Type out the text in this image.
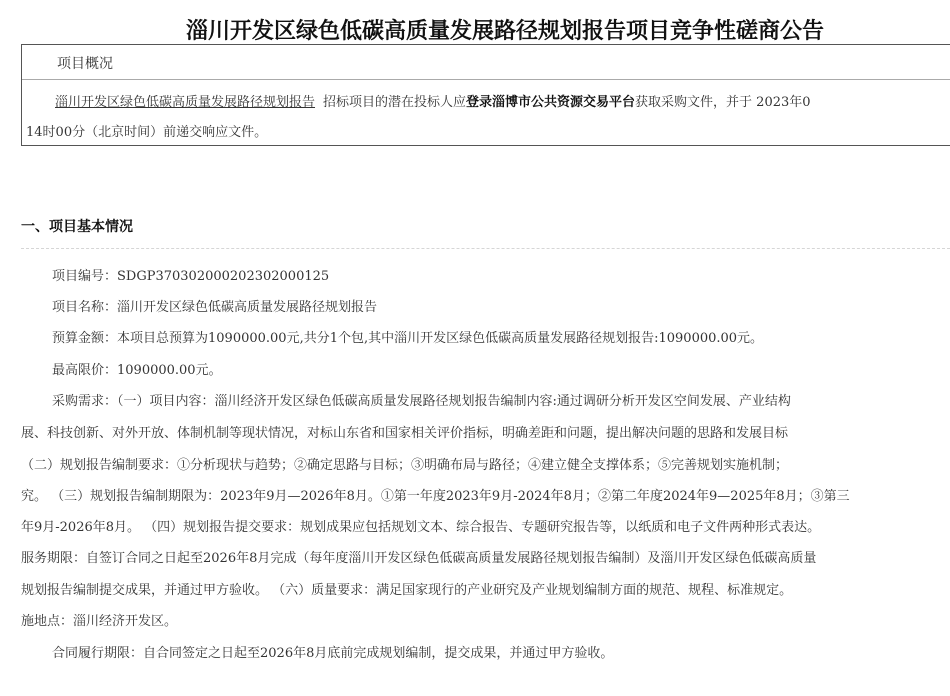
淄川开发区绿色低碳高质量发展路径规划报告项目竞争性磋商公告
项目概况
淄川开发区绿色低碳高质量发展路径规划报告 招标项目的潜在投标人应登录淄博市公共资源交易平台获取采购文件，并于 2023年0
14时00分（北京时间）前递交响应文件。
一、项目基本情况
项目编号：SDGP370302000202302000125
项目名称：淄川开发区绿色低碳高质量发展路径规划报告
预算金额：本项目总预算为1090000.00元,共分1个包,其中淄川开发区绿色低碳高质量发展路径规划报告:1090000.00元。
最高限价：1090000.00元。
采购需求：（一）项目内容：淄川经济开发区绿色低碳高质量发展路径规划报告编制内容:通过调研分析开发区空间发展、产业结构
展、科技创新、对外开放、体制机制等现状情况，对标山东省和国家相关评价指标，明确差距和问题，提出解决问题的思路和发展目标
（二）规划报告编制要求：①分析现状与趋势；②确定思路与目标；③明确布局与路径；④建立健全支撑体系；⑤完善规划实施机制；
究。 （三）规划报告编制期限为：2023年9月—2026年8月。①第一年度2023年9月-2024年8月；②第二年度2024年9—2025年8月；③第三
年9月-2026年8月。 （四）规划报告提交要求：规划成果应包括规划文本、综合报告、专题研究报告等，以纸质和电子文件两种形式表达。
服务期限：自签订合同之日起至2026年8月完成（每年度淄川开发区绿色低碳高质量发展路径规划报告编制）及淄川开发区绿色低碳高质量
规划报告编制提交成果，并通过甲方验收。 （六）质量要求：满足国家现行的产业研究及产业规划编制方面的规范、规程、标准规定。
施地点：淄川经济开发区。
合同履行期限：自合同签定之日起至2026年8月底前完成规划编制，提交成果，并通过甲方验收。
